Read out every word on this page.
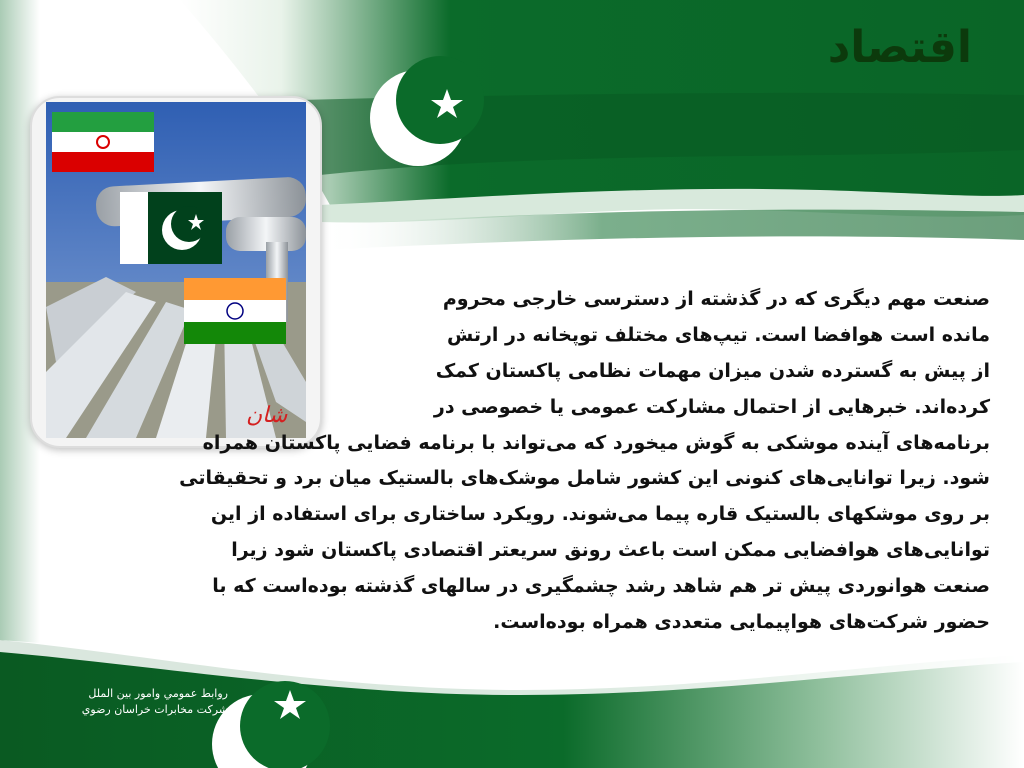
اقتصاد
شان
صنعت مهم دیگری که در گذشته از دسترسی خارجی محروم
مانده است هوافضا است. تیپ‌های مختلف توپخانه در ارتش
از پیش به گسترده شدن میزان مهمات نظامی پاکستان کمک
کرده‌اند. خبرهایی از احتمال مشارکت عمومی یا خصوصی در
برنامه‌های آینده موشکی به گوش میخورد که می‌تواند با برنامه فضایی پاکستان همراه
شود. زیرا توانایی‌های کنونی این کشور شامل موشک‌های بالستیک میان برد و تحقیقاتی
بر روی موشکهای بالستیک قاره پیما می‌شوند. رویکرد ساختاری برای استفاده از این
توانایی‌های هوافضایی ممکن است باعث رونق سریعتر اقتصادی پاکستان شود زیرا
صنعت هوانوردی پیش تر هم شاهد رشد چشمگیری در سالهای گذشته بوده‌است که با
حضور شرکت‌های هواپیمایی متعددی همراه بوده‌است.
روابط عمومي وامور بين الملل
شركت مخابرات خراسان رضوي
